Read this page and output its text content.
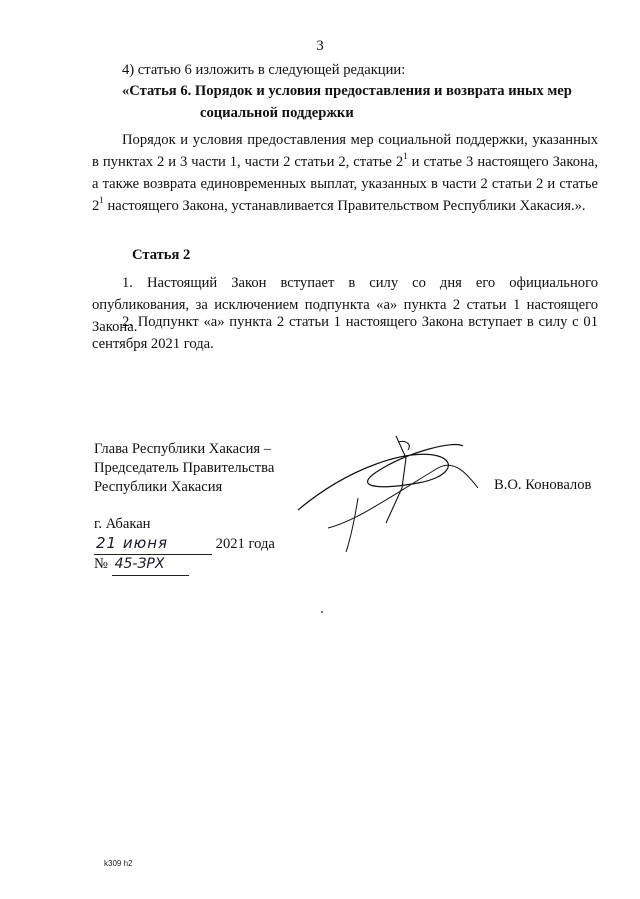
3
4) статью 6 изложить в следующей редакции:
«Статья 6. Порядок и условия предоставления и возврата иных мер
социальной поддержки
Порядок и условия предоставления мер социальной поддержки, указанных в пунктах 2 и 3 части 1, части 2 статьи 2, статье $2^1$ и статье 3 настоящего Закона, а также возврата единовременных выплат, указанных в части 2 статьи 2 и статье $2^1$ настоящего Закона, устанавливается Правительством Республики Хакасия.».
Статья 2
1. Настоящий Закон вступает в силу со дня его официального опубликования, за исключением подпункта «а» пункта 2 статьи 1 настоящего Закона.
2. Подпункт «а» пункта 2 статьи 1 настоящего Закона вступает в силу с 01 сентября 2021 года.
Глава Республики Хакасия –
Председатель Правительства
Республики Хакасия	В.О. Коновалов
г. Абакан
21 июня	2021 года
№ 45-ЗРХ
k309 h2
